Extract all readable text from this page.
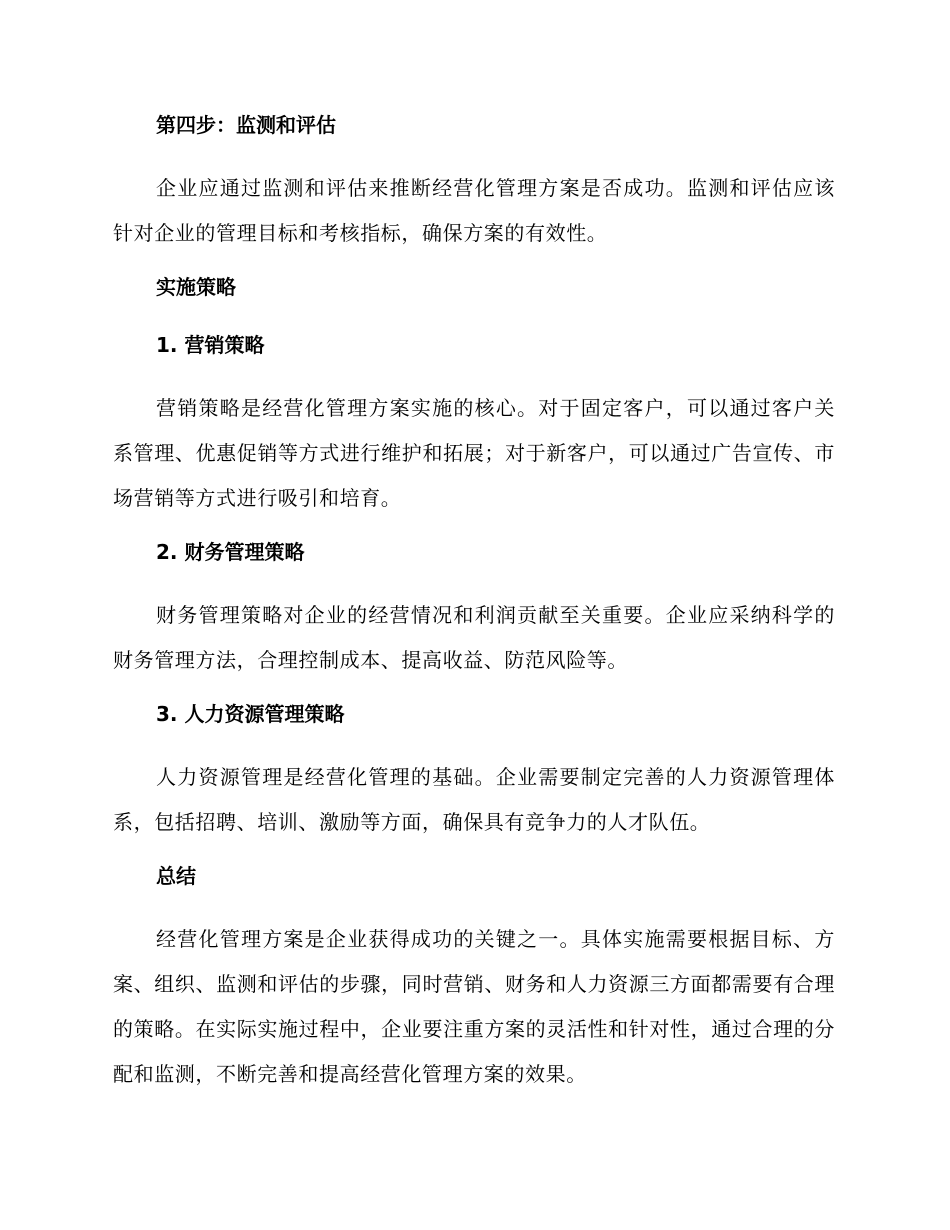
第四步：监测和评估

企业应通过监测和评估来推断经营化管理方案是否成功。监测和评估应该针对企业的管理目标和考核指标，确保方案的有效性。

实施策略
1. 营销策略

营销策略是经营化管理方案实施的核心。对于固定客户，可以通过客户关系管理、优惠促销等方式进行维护和拓展；对于新客户，可以通过广告宣传、市场营销等方式进行吸引和培育。

2. 财务管理策略

财务管理策略对企业的经营情况和利润贡献至关重要。企业应采纳科学的财务管理方法，合理控制成本、提高收益、防范风险等。

3. 人力资源管理策略

人力资源管理是经营化管理的基础。企业需要制定完善的人力资源管理体系，包括招聘、培训、激励等方面，确保具有竞争力的人才队伍。

总结

经营化管理方案是企业获得成功的关键之一。具体实施需要根据目标、方案、组织、监测和评估的步骤，同时营销、财务和人力资源三方面都需要有合理的策略。在实际实施过程中，企业要注重方案的灵活性和针对性，通过合理的分配和监测，不断完善和提高经营化管理方案的效果。
